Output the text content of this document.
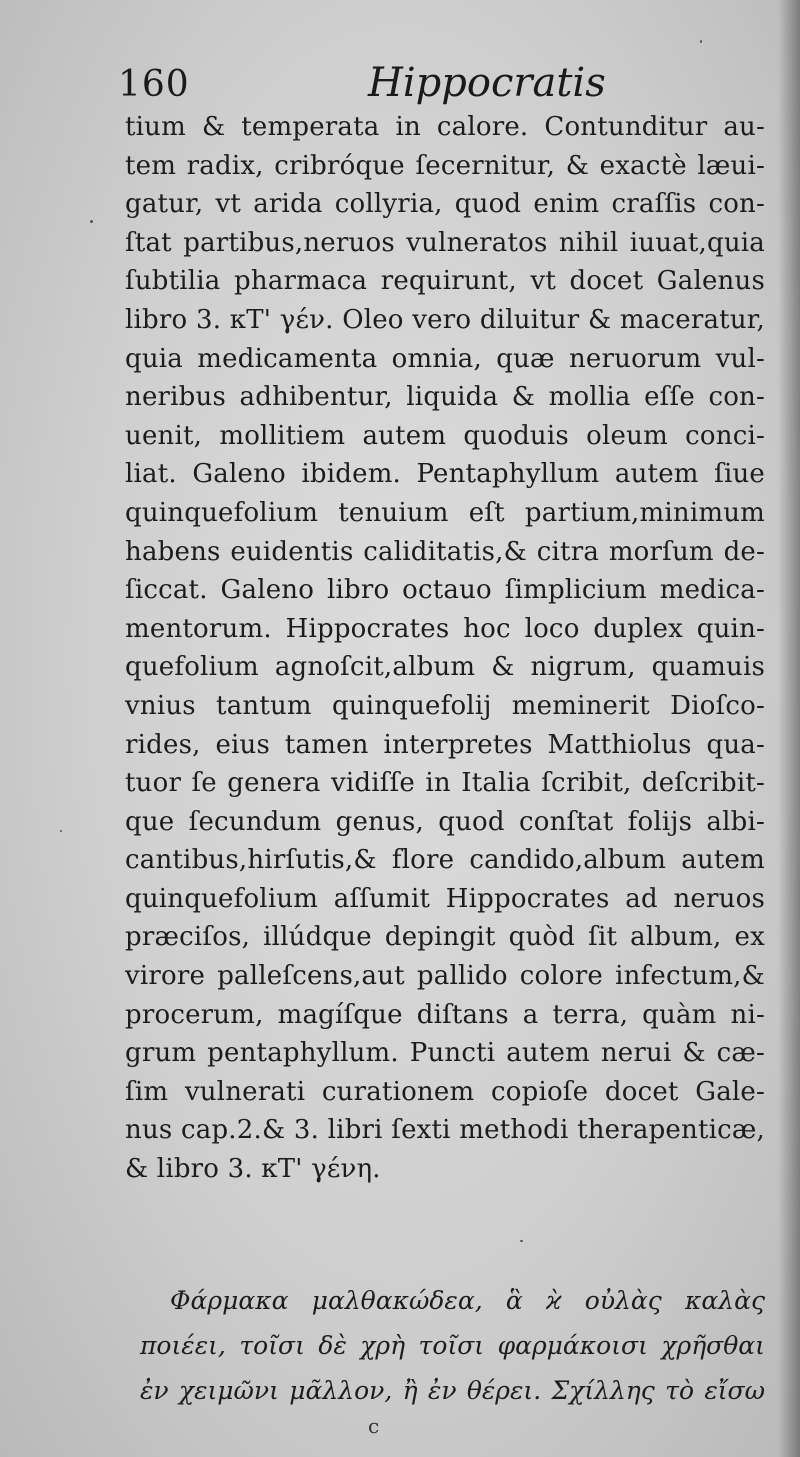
160	Hippocratis
tium & temperata in calore. Contunditur au-
tem radix, cribróque ſecernitur, & exactè læui-
gatur, vt arida collyria, quod enim craſſis con-
ſtat partibus,neruos vulneratos nihil iuuat,quia
ſubtilia pharmaca requirunt, vt docet Galenus
libro 3. κΤ' γέν. Oleo vero diluitur & maceratur,
quia medicamenta omnia, quæ neruorum vul-
neribus adhibentur, liquida & mollia eſſe con-
uenit, mollitiem autem quoduis oleum conci-
liat. Galeno ibidem. Pentaphyllum autem ſiue
quinquefolium tenuium eſt partium,minimum
habens euidentis caliditatis,& citra morſum de-
ſiccat. Galeno libro octauo ſimplicium medica-
mentorum. Hippocrates hoc loco duplex quin-
quefolium agnoſcit,album & nigrum, quamuis
vnius tantum quinquefolij meminerit Dioſco-
rides, eius tamen interpretes Matthiolus qua-
tuor ſe genera vidiſſe in Italia ſcribit, deſcribit-
que ſecundum genus, quod conſtat folijs albi-
cantibus,hirſutis,& flore candido,album autem
quinquefolium aſſumit Hippocrates ad neruos
præciſos, illúdque depingit quòd ſit album, ex
virore palleſcens,aut pallido colore infectum,&
procerum, magíſque diſtans a terra, quàm ni-
grum pentaphyllum. Puncti autem nerui & cæ-
ſim vulnerati curationem copioſe docet Gale-
nus cap.2.& 3. libri ſexti methodi therapenticæ,
& libro 3. κΤ' γένη.
Φάρμακα μαλθακώδεα, ἃ ϰ̀ οὐλὰς καλὰς
ποιέει, τοῖσι δὲ χρὴ τοῖσι φαρμάκοισι χρῆσθαι
ἐν χειμῶνι μᾶλλον, ἢ ἐν θέρει. Σχίλλης τὸ εἴσω
c
